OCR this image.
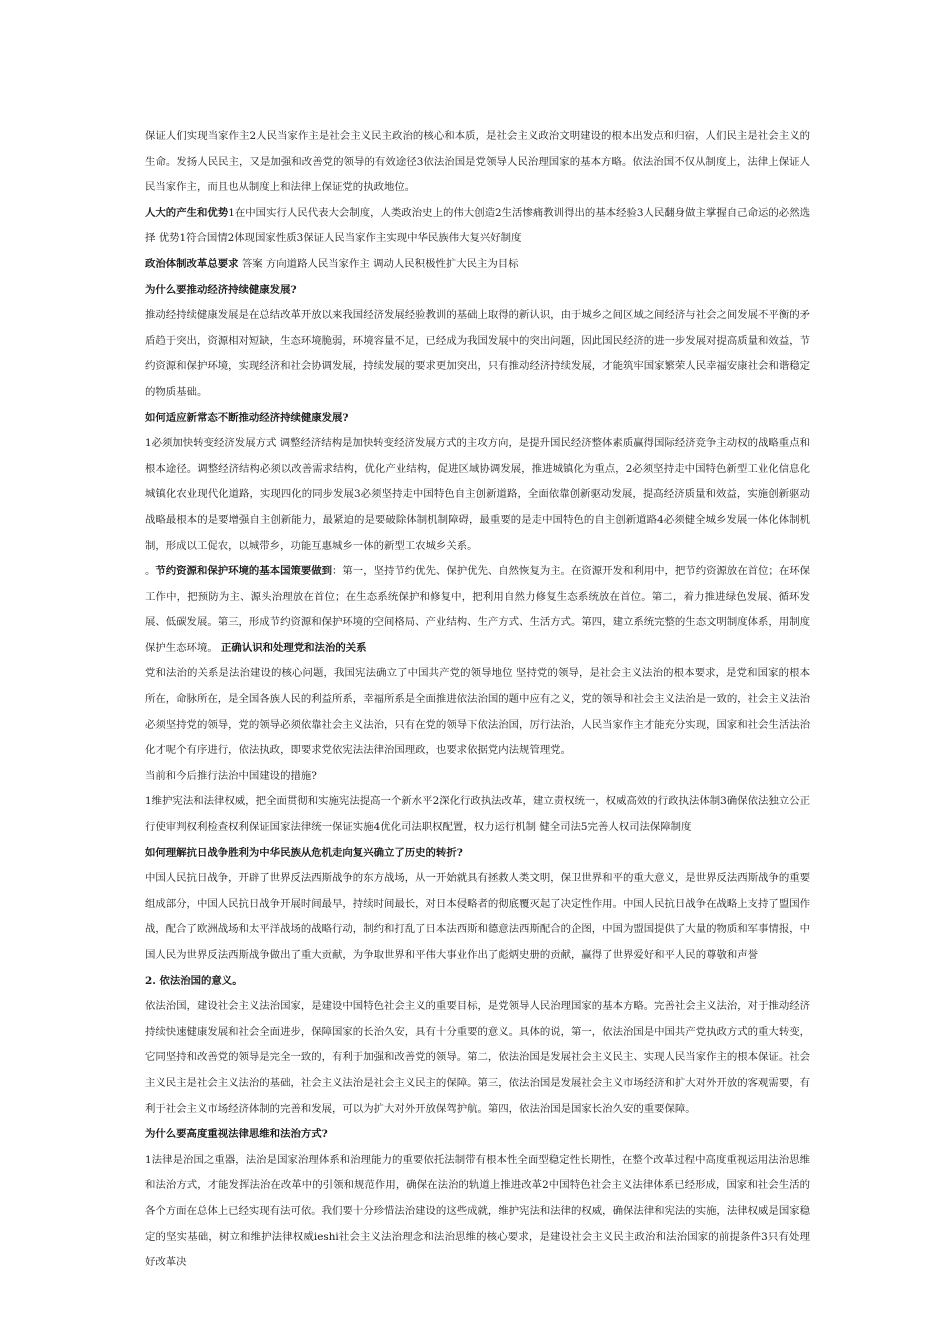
保证人们实现当家作主2人民当家作主是社会主义民主政治的核心和本质，是社会主义政治文明建设的根本出发点和归宿，人们民主是社会主义的生命。发扬人民民主，又是加强和改善党的领导的有效途径3依法治国是党领导人民治理国家的基本方略。依法治国不仅从制度上，法律上保证人民当家作主，而且也从制度上和法律上保证党的执政地位。

人大的产生和优势1在中国实行人民代表大会制度，人类政治史上的伟大创造2生活惨痛教训得出的基本经验3人民翻身做主掌握自己命运的必然选择 优势1符合国情2体现国家性质3保证人民当家作主实现中华民族伟大复兴好制度

政治体制改革总要求 答案 方向道路人民当家作主 调动人民积极性扩大民主为目标

为什么要推动经济持续健康发展?

推动经持续健康发展是在总结改革开放以来我国经济发展经验教训的基础上取得的新认识，由于城乡之间区域之间经济与社会之间发展不平衡的矛盾趋于突出，资源相对短缺，生态环境脆弱，环境容量不足，已经成为我国发展中的突出问题，因此国民经济的进一步发展对提高质量和效益，节约资源和保护环境，实现经济和社会协调发展，持续发展的要求更加突出，只有推动经济持续发展，才能筑牢国家繁荣人民幸福安康社会和谐稳定的物质基础。

如何适应新常态不断推动经济持续健康发展?

1必须加快转变经济发展方式 调整经济结构是加快转变经济发展方式的主攻方向，是提升国民经济整体素质赢得国际经济竞争主动权的战略重点和根本途径。调整经济结构必须以改善需求结构，优化产业结构，促进区域协调发展，推进城镇化为重点，2必须坚持走中国特色新型工业化信息化城镇化农业现代化道路，实现四化的同步发展3必须坚持走中国特色自主创新道路，全面依靠创新驱动发展，提高经济质量和效益，实施创新驱动战略最根本的是要增强自主创新能力，最紧迫的是要破除体制机制障碍，最重要的是走中国特色的自主创新道路4必须健全城乡发展一体化体制机制，形成以工促农，以城带乡，功能互惠城乡一体的新型工农城乡关系。

。节约资源和保护环境的基本国策要做到：第一，坚持节约优先、保护优先、自然恢复为主。在资源开发和利用中，把节约资源放在首位；在环保工作中，把预防为主、源头治理放在首位；在生态系统保护和修复中，把利用自然力修复生态系统放在首位。第二，着力推进绿色发展、循环发展、低碳发展。第三，形成节约资源和保护环境的空间格局、产业结构、生产方式、生活方式。第四，建立系统完整的生态文明制度体系，用制度保护生态环境。 正确认识和处理党和法治的关系

党和法治的关系是法治建设的核心问题，我国宪法确立了中国共产党的领导地位 坚持党的领导，是社会主义法治的根本要求，是党和国家的根本所在，命脉所在，是全国各族人民的利益所系，幸福所系是全面推进依法治国的题中应有之义，党的领导和社会主义法治是一致的，社会主义法治必须坚持党的领导，党的领导必须依靠社会主义法治，只有在党的领导下依法治国，厉行法治，人民当家作主才能充分实现，国家和社会生活法治化才呢个有序进行，依法执政，即要求党依宪法法律治国理政，也要求依据党内法规管理党。

当前和今后推行法治中国建设的措施?

1维护宪法和法律权威，把全面贯彻和实施宪法提高一个新水平2深化行政执法改革，建立责权统一，权威高效的行政执法体制3确保依法独立公正行使审判权利检查权利保证国家法律统一保证实施4优化司法职权配置，权力运行机制 健全司法5完善人权司法保障制度

如何理解抗日战争胜利为中华民族从危机走向复兴确立了历史的转折?

中国人民抗日战争，开辟了世界反法西斯战争的东方战场，从一开始就具有拯救人类文明，保卫世界和平的重大意义，是世界反法西斯战争的重要组成部分，中国人民抗日战争开展时间最早，持续时间最长，对日本侵略者的彻底覆灭起了决定性作用。中国人民抗日战争在战略上支持了盟国作战，配合了欧洲战场和太平洋战场的战略行动，制约和打乱了日本法西斯和德意法西斯配合的企图，中国为盟国提供了大量的物质和军事情报，中国人民为世界反法西斯战争做出了重大贡献，为争取世界和平伟大事业作出了彪炳史册的贡献，赢得了世界爱好和平人民的尊敬和声誉

2. 依法治国的意义。

依法治国，建设社会主义法治国家，是建设中国特色社会主义的重要目标，是党领导人民治理国家的基本方略。完善社会主义法治，对于推动经济持续快速健康发展和社会全面进步，保障国家的长治久安，具有十分重要的意义。具体的说，第一，依法治国是中国共产党执政方式的重大转变，它同坚持和改善党的领导是完全一致的，有利于加强和改善党的领导。第二，依法治国是发展社会主义民主、实现人民当家作主的根本保证。社会主义民主是社会主义法治的基础，社会主义法治是社会主义民主的保障。第三，依法治国是发展社会主义市场经济和扩大对外开放的客观需要，有利于社会主义市场经济体制的完善和发展，可以为扩大对外开放保驾护航。第四，依法治国是国家长治久安的重要保障。

为什么要高度重视法律思维和法治方式?

1法律是治国之重器，法治是国家治理体系和治理能力的重要依托法制带有根本性全面型稳定性长期性，在整个改革过程中高度重视运用法治思维和法治方式，才能发挥法治在改革中的引领和规范作用，确保在法治的轨道上推进改革2中国特色社会主义法律体系已经形成，国家和社会生活的各个方面在总体上已经实现有法可依。我们要十分珍惜法治建设的这些成就，维护宪法和法律的权威，确保法律和宪法的实施，法律权威是国家稳定的坚实基础，树立和维护法律权威ieshi社会主义法治理念和法治思维的核心要求，是建设社会主义民主政治和法治国家的前提条件3只有处理好改革决
